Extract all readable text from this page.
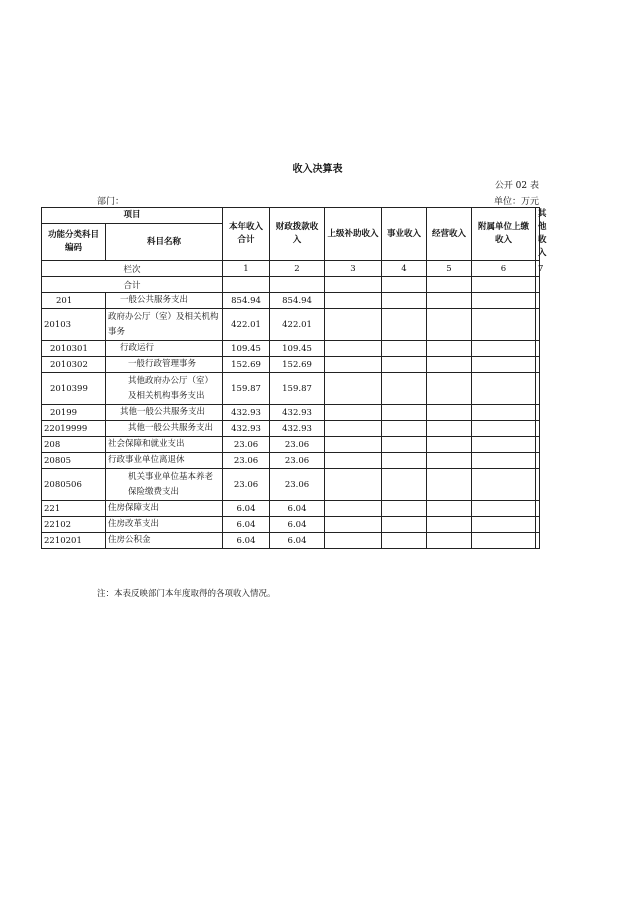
收入决算表
公开 02 表
部门：	单位：万元
项目		本年收入合计	财政拨款收入	上级补助收入	事业收入	经营收入	附属单位上缴收入	其他收入
功能分类科目编码	科目名称							
栏次		1	2	3	4	5	6	7
合计								
201	一般公共服务支出	854.94	854.94					
20103	政府办公厅（室）及相关机构事务	422.01	422.01					
2010301	行政运行	109.45	109.45					
2010302	一般行政管理事务	152.69	152.69					
2010399	其他政府办公厅（室）及相关机构事务支出	159.87	159.87					
20199	其他一般公共服务支出	432.93	432.93					
22019999	其他一般公共服务支出	432.93	432.93					
208	社会保障和就业支出	23.06	23.06					
20805	行政事业单位离退休	23.06	23.06					
2080506	机关事业单位基本养老保险缴费支出	23.06	23.06					
221	住房保障支出	6.04	6.04					
22102	住房改革支出	6.04	6.04					
2210201	住房公积金	6.04	6.04					
注：本表反映部门本年度取得的各项收入情况。
